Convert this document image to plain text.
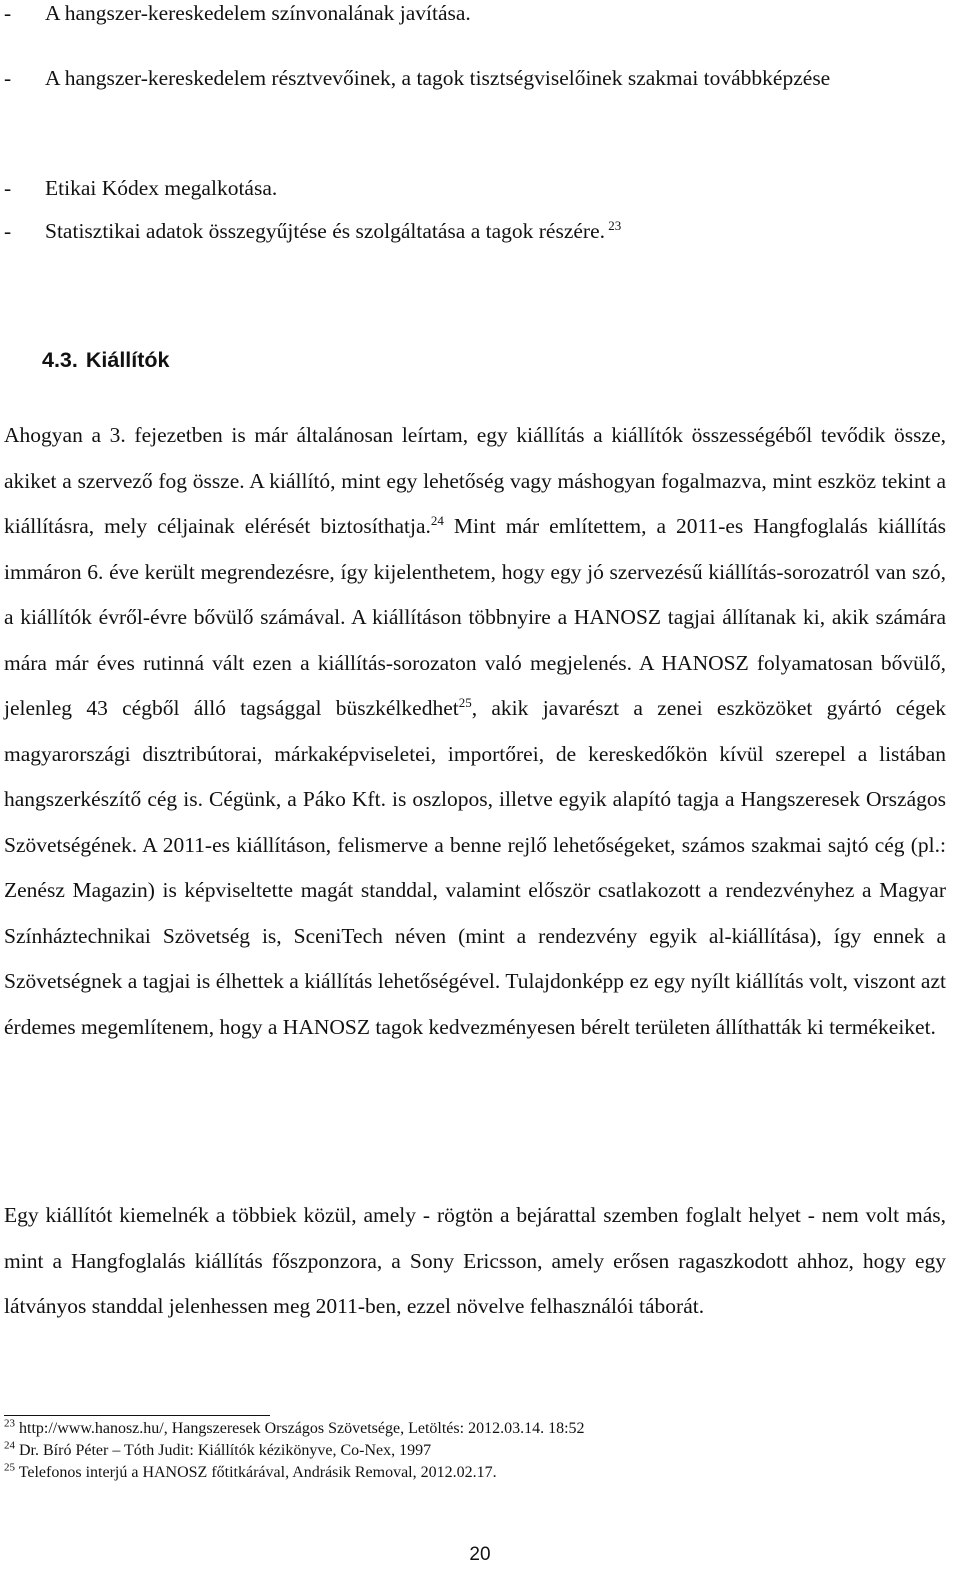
- A hangszer-kereskedelem színvonalának javítása.
- A hangszer-kereskedelem résztvevőinek, a tagok tisztségviselőinek szakmai továbbképzése
- Etikai Kódex megalkotása.
- Statisztikai adatok összegyűjtése és szolgáltatása a tagok részére. $^{23}$
4.3. Kiállítók

Ahogyan a 3. fejezetben is már általánosan leírtam, egy kiállítás a kiállítók összességéből tevődik össze, akiket a szervező fog össze. A kiállító, mint egy lehetőség vagy máshogyan fogalmazva, mint eszköz tekint a kiállításra, mely céljainak elérését biztosíthatja.$^{24}$ Mint már említettem, a 2011-es Hangfoglalás kiállítás immáron 6. éve került megrendezésre, így kijelenthetem, hogy egy jó szervezésű kiállítás-sorozatról van szó, a kiállítók évről-évre bővülő számával. A kiállításon többnyire a HANOSZ tagjai állítanak ki, akik számára mára már éves rutinná vált ezen a kiállítás-sorozaton való megjelenés. A HANOSZ folyamatosan bővülő, jelenleg 43 cégből álló tagsággal büszkélkedhet$^{25}$, akik javarészt a zenei eszközöket gyártó cégek magyarországi disztribútorai, márkaképviseletei, importőrei, de kereskedőkön kívül szerepel a listában hangszerkészítő cég is. Cégünk, a Páko Kft. is oszlopos, illetve egyik alapító tagja a Hangszeresek Országos Szövetségének. A 2011-es kiállításon, felismerve a benne rejlő lehetőségeket, számos szakmai sajtó cég (pl.: Zenész Magazin) is képviseltette magát standdal, valamint először csatlakozott a rendezvényhez a Magyar Színháztechnikai Szövetség is, SceniTech néven (mint a rendezvény egyik al-kiállítása), így ennek a Szövetségnek a tagjai is élhettek a kiállítás lehetőségével. Tulajdonképp ez egy nyílt kiállítás volt, viszont azt érdemes megemlítenem, hogy a HANOSZ tagok kedvezményesen bérelt területen állíthatták ki termékeiket.

Egy kiállítót kiemelnék a többiek közül, amely - rögtön a bejárattal szemben foglalt helyet - nem volt más, mint a Hangfoglalás kiállítás főszponzora, a Sony Ericsson, amely erősen ragaszkodott ahhoz, hogy egy látványos standdal jelenhessen meg 2011-ben, ezzel növelve felhasználói táborát.

$^{23}$ http://www.hanosz.hu/, Hangszeresek Országos Szövetsége, Letöltés: 2012.03.14. 18:52
$^{24}$ Dr. Bíró Péter – Tóth Judit: Kiállítók kézikönyve, Co-Nex, 1997
$^{25}$ Telefonos interjú a HANOSZ főtitkárával, Andrásik Removal, 2012.02.17.
20
